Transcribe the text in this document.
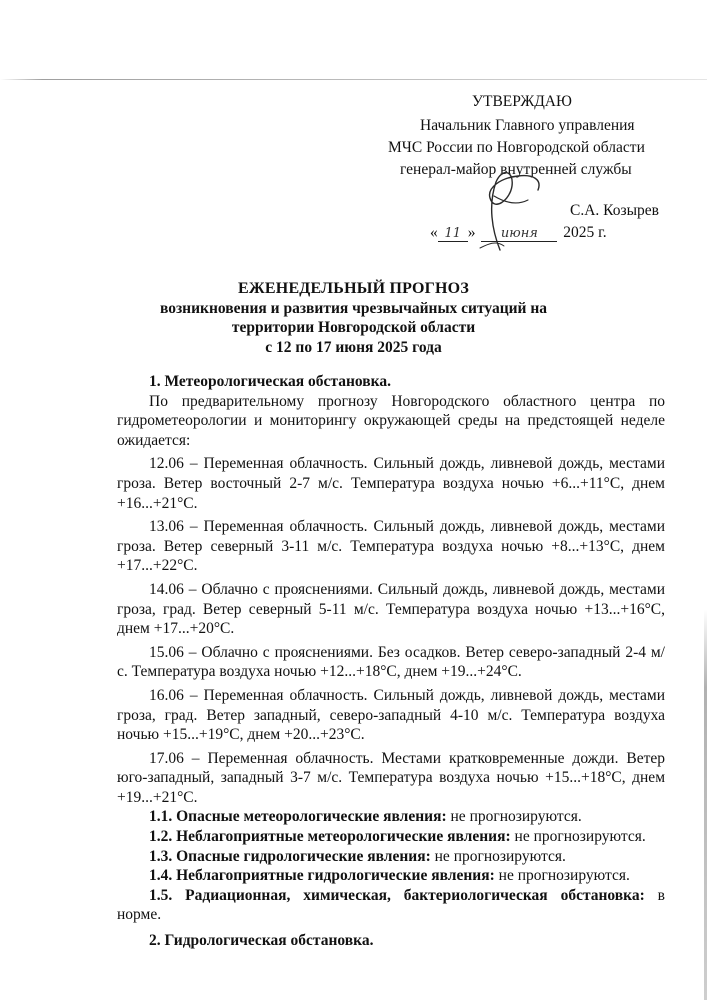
УТВЕРЖДАЮ
Начальник Главного управления
МЧС России по Новгородской области
генерал-майор внутренней службы
С.А. Козырев
« 11 » июня 2025 г.
ЕЖЕНЕДЕЛЬНЫЙ ПРОГНОЗ
возникновения и развития чрезвычайных ситуаций на
территории Новгородской области
с 12 по 17 июня 2025 года
1. Метеорологическая обстановка.

По предварительному прогнозу Новгородского областного центра по гидрометеорологии и мониторингу окружающей среды на предстоящей неделе ожидается:

12.06 – Переменная облачность. Сильный дождь, ливневой дождь, местами гроза. Ветер восточный 2-7 м/с. Температура воздуха ночью +6...+11°С, днем +16...+21°С.

13.06 – Переменная облачность. Сильный дождь, ливневой дождь, местами гроза. Ветер северный 3-11 м/с. Температура воздуха ночью +8...+13°С, днем +17...+22°С.

14.06 – Облачно с прояснениями. Сильный дождь, ливневой дождь, местами гроза, град. Ветер северный 5-11 м/с. Температура воздуха ночью +13...+16°С, днем +17...+20°С.

15.06 – Облачно с прояснениями. Без осадков. Ветер северо-западный 2-4 м/с. Температура воздуха ночью +12...+18°С, днем +19...+24°С.

16.06 – Переменная облачность. Сильный дождь, ливневой дождь, местами гроза, град. Ветер западный, северо-западный 4-10 м/с. Температура воздуха ночью +15...+19°С, днем +20...+23°С.

17.06 – Переменная облачность. Местами кратковременные дожди. Ветер юго-западный, западный 3-7 м/с. Температура воздуха ночью +15...+18°С, днем +19...+21°С.

1.1. Опасные метеорологические явления: не прогнозируются.

1.2. Неблагоприятные метеорологические явления: не прогнозируются.

1.3. Опасные гидрологические явления: не прогнозируются.

1.4. Неблагоприятные гидрологические явления: не прогнозируются.

1.5. Радиационная, химическая, бактериологическая обстановка: в норме.

2. Гидрологическая обстановка.
